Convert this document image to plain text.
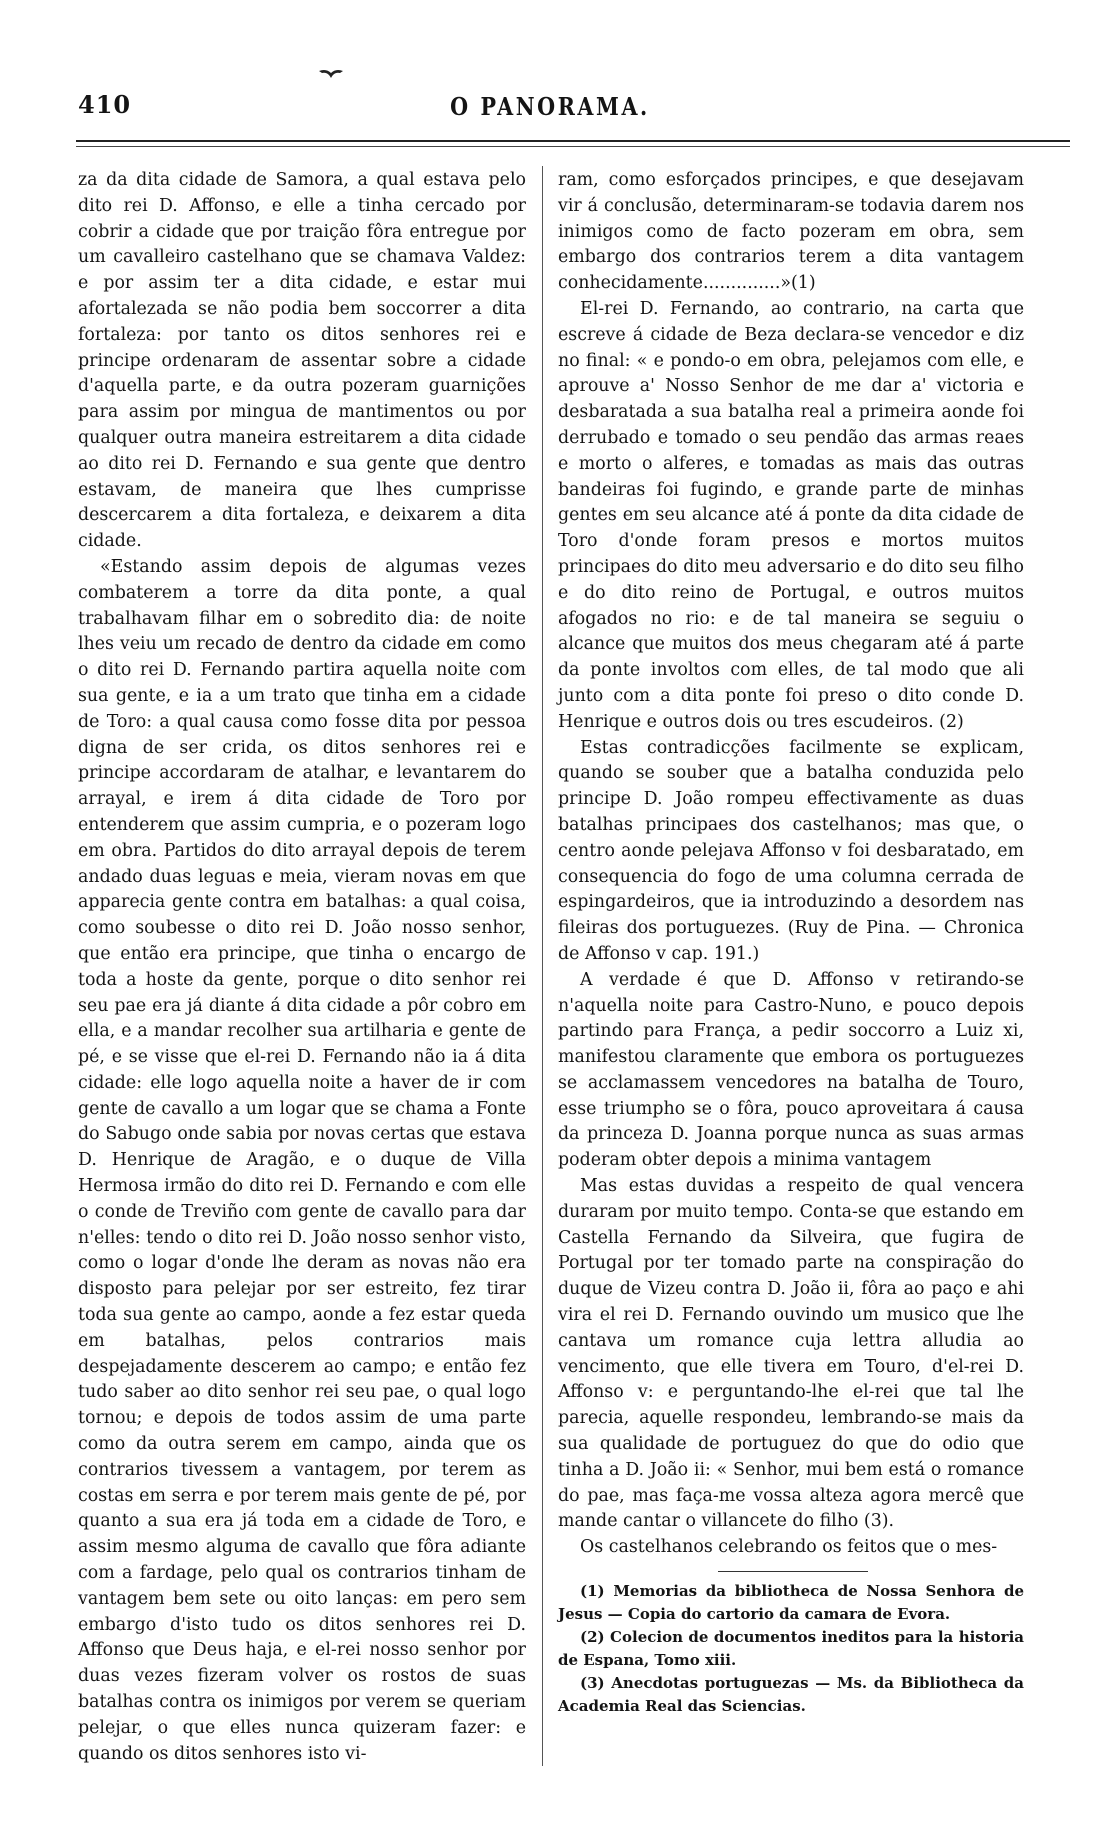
410	O PANORAMA.

za da dita cidade de Samora, a qual estava pelo dito rei D. Affonso, e elle a tinha cercado por cobrir a cidade que por traição fôra entregue por um cavalleiro castelhano que se chamava Valdez: e por assim ter a dita cidade, e estar mui afortalezada se não podia bem soccorrer a dita fortaleza: por tanto os ditos senhores rei e principe ordenaram de assentar sobre a cidade d'aquella parte, e da outra pozeram guarnições para assim por mingua de mantimentos ou por qualquer outra maneira estreitarem a dita cidade ao dito rei D. Fernando e sua gente que dentro estavam, de maneira que lhes cumprisse descercarem a dita fortaleza, e deixarem a dita cidade.

«Estando assim depois de algumas vezes combaterem a torre da dita ponte, a qual trabalhavam filhar em o sobredito dia: de noite lhes veiu um recado de dentro da cidade em como o dito rei D. Fernando partira aquella noite com sua gente, e ia a um trato que tinha em a cidade de Toro: a qual causa como fosse dita por pessoa digna de ser crida, os ditos senhores rei e principe accordaram de atalhar, e levantarem do arrayal, e irem á dita cidade de Toro por entenderem que assim cumpria, e o pozeram logo em obra. Partidos do dito arrayal depois de terem andado duas leguas e meia, vieram novas em que apparecia gente contra em batalhas: a qual coisa, como soubesse o dito rei D. João nosso senhor, que então era principe, que tinha o encargo de toda a hoste da gente, porque o dito senhor rei seu pae era já diante á dita cidade a pôr cobro em ella, e a mandar recolher sua artilharia e gente de pé, e se visse que el-rei D. Fernando não ia á dita cidade: elle logo aquella noite a haver de ir com gente de cavallo a um logar que se chama a Fonte do Sabugo onde sabia por novas certas que estava D. Henrique de Aragão, e o duque de Villa Hermosa irmão do dito rei D. Fernando e com elle o conde de Treviño com gente de cavallo para dar n'elles: tendo o dito rei D. João nosso senhor visto, como o logar d'onde lhe deram as novas não era disposto para pelejar por ser estreito, fez tirar toda sua gente ao campo, aonde a fez estar queda em batalhas, pelos contrarios mais despejadamente descerem ao campo; e então fez tudo saber ao dito senhor rei seu pae, o qual logo tornou; e depois de todos assim de uma parte como da outra serem em campo, ainda que os contrarios tivessem a vantagem, por terem as costas em serra e por terem mais gente de pé, por quanto a sua era já toda em a cidade de Toro, e assim mesmo alguma de cavallo que fôra adiante com a fardage, pelo qual os contrarios tinham de vantagem bem sete ou oito lanças: em pero sem embargo d'isto tudo os ditos senhores rei D. Affonso que Deus haja, e el-rei nosso senhor por duas vezes fizeram volver os rostos de suas batalhas contra os inimigos por verem se queriam pelejar, o que elles nunca quizeram fazer: e quando os ditos senhores isto vi-

ram, como esforçados principes, e que desejavam vir á conclusão, determinaram-se todavia darem nos inimigos como de facto pozeram em obra, sem embargo dos contrarios terem a dita vantagem conhecidamente..............»(1)

El-rei D. Fernando, ao contrario, na carta que escreve á cidade de Beza declara-se vencedor e diz no final: « e pondo-o em obra, pelejamos com elle, e aprouve a' Nosso Senhor de me dar a' victoria e desbaratada a sua batalha real a primeira aonde foi derrubado e tomado o seu pendão das armas reaes e morto o alferes, e tomadas as mais das outras bandeiras foi fugindo, e grande parte de minhas gentes em seu alcance até á ponte da dita cidade de Toro d'onde foram presos e mortos muitos principaes do dito meu adversario e do dito seu filho e do dito reino de Portugal, e outros muitos afogados no rio: e de tal maneira se seguiu o alcance que muitos dos meus chegaram até á parte da ponte involtos com elles, de tal modo que ali junto com a dita ponte foi preso o dito conde D. Henrique e outros dois ou tres escudeiros. (2)

Estas contradicções facilmente se explicam, quando se souber que a batalha conduzida pelo principe D. João rompeu effectivamente as duas batalhas principaes dos castelhanos; mas que, o centro aonde pelejava Affonso v foi desbaratado, em consequencia do fogo de uma columna cerrada de espingardeiros, que ia introduzindo a desordem nas fileiras dos portuguezes. (Ruy de Pina. — Chronica de Affonso v cap. 191.)

A verdade é que D. Affonso v retirando-se n'aquella noite para Castro-Nuno, e pouco depois partindo para França, a pedir soccorro a Luiz xi, manifestou claramente que embora os portuguezes se acclamassem vencedores na batalha de Touro, esse triumpho se o fôra, pouco aproveitara á causa da princeza D. Joanna porque nunca as suas armas poderam obter depois a minima vantagem

Mas estas duvidas a respeito de qual vencera duraram por muito tempo. Conta-se que estando em Castella Fernando da Silveira, que fugira de Portugal por ter tomado parte na conspiração do duque de Vizeu contra D. João ii, fôra ao paço e ahi vira el rei D. Fernando ouvindo um musico que lhe cantava um romance cuja lettra alludia ao vencimento, que elle tivera em Touro, d'el-rei D. Affonso v: e perguntando-lhe el-rei que tal lhe parecia, aquelle respondeu, lembrando-se mais da sua qualidade de portuguez do que do odio que tinha a D. João ii: « Senhor, mui bem está o romance do pae, mas faça-me vossa alteza agora mercê que mande cantar o villancete do filho (3).

Os castelhanos celebrando os feitos que o mes-

(1) Memorias da bibliotheca de Nossa Senhora de Jesus — Copia do cartorio da camara de Evora.

(2) Colecion de documentos ineditos para la historia de Espana, Tomo xiii.

(3) Anecdotas portuguezas — Ms. da Bibliotheca da Academia Real das Sciencias.
